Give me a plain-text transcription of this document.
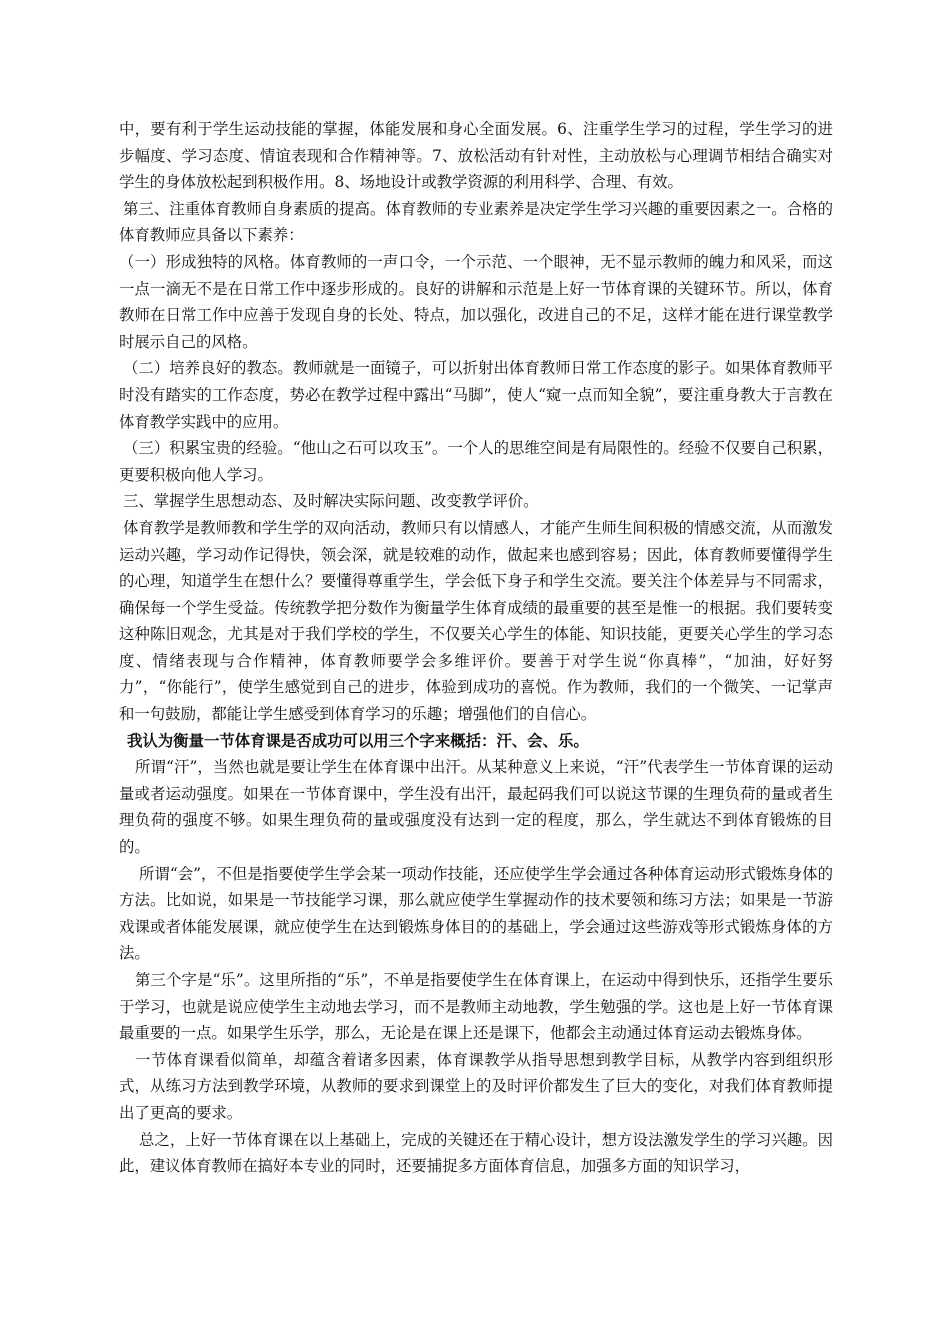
中，要有利于学生运动技能的掌握，体能发展和身心全面发展。6、注重学生学习的过程，学生学习的进步幅度、学习态度、情谊表现和合作精神等。7、放松活动有针对性，主动放松与心理调节相结合确实对学生的身体放松起到积极作用。8、场地设计或教学资源的利用科学、合理、有效。

第三、注重体育教师自身素质的提高。体育教师的专业素养是决定学生学习兴趣的重要因素之一。合格的体育教师应具备以下素养：

（一）形成独特的风格。体育教师的一声口令，一个示范、一个眼神，无不显示教师的魄力和风采，而这一点一滴无不是在日常工作中逐步形成的。良好的讲解和示范是上好一节体育课的关键环节。所以，体育教师在日常工作中应善于发现自身的长处、特点，加以强化，改进自己的不足，这样才能在进行课堂教学时展示自己的风格。

（二）培养良好的教态。教师就是一面镜子，可以折射出体育教师日常工作态度的影子。如果体育教师平时没有踏实的工作态度，势必在教学过程中露出“马脚”，使人“窥一点而知全貌”，要注重身教大于言教在体育教学实践中的应用。

（三）积累宝贵的经验。“他山之石可以攻玉”。一个人的思维空间是有局限性的。经验不仅要自己积累，更要积极向他人学习。

三、掌握学生思想动态、及时解决实际问题、改变教学评价。

体育教学是教师教和学生学的双向活动，教师只有以情感人，才能产生师生间积极的情感交流，从而激发运动兴趣，学习动作记得快，领会深，就是较难的动作，做起来也感到容易；因此，体育教师要懂得学生的心理，知道学生在想什么？要懂得尊重学生，学会低下身子和学生交流。要关注个体差异与不同需求，确保每一个学生受益。传统教学把分数作为衡量学生体育成绩的最重要的甚至是惟一的根据。我们要转变这种陈旧观念，尤其是对于我们学校的学生，不仅要关心学生的体能、知识技能，更要关心学生的学习态度、情绪表现与合作精神，体育教师要学会多维评价。要善于对学生说“你真棒”，“加油，好好努力”，“你能行”，使学生感觉到自己的进步，体验到成功的喜悦。作为教师，我们的一个微笑、一记掌声和一句鼓励，都能让学生感受到体育学习的乐趣；增强他们的自信心。

我认为衡量一节体育课是否成功可以用三个字来概括：汗、会、乐。

所谓“汗”，当然也就是要让学生在体育课中出汗。从某种意义上来说，“汗”代表学生一节体育课的运动量或者运动强度。如果在一节体育课中，学生没有出汗，最起码我们可以说这节课的生理负荷的量或者生理负荷的强度不够。如果生理负荷的量或强度没有达到一定的程度，那么，学生就达不到体育锻炼的目的。

所谓“会”，不但是指要使学生学会某一项动作技能，还应使学生学会通过各种体育运动形式锻炼身体的方法。比如说，如果是一节技能学习课，那么就应使学生掌握动作的技术要领和练习方法；如果是一节游戏课或者体能发展课，就应使学生在达到锻炼身体目的的基础上，学会通过这些游戏等形式锻炼身体的方法。

第三个字是“乐”。这里所指的“乐”，不单是指要使学生在体育课上，在运动中得到快乐，还指学生要乐于学习，也就是说应使学生主动地去学习，而不是教师主动地教，学生勉强的学。这也是上好一节体育课最重要的一点。如果学生乐学，那么，无论是在课上还是课下，他都会主动通过体育运动去锻炼身体。

一节体育课看似简单，却蕴含着诸多因素，体育课教学从指导思想到教学目标，从教学内容到组织形式，从练习方法到教学环境，从教师的要求到课堂上的及时评价都发生了巨大的变化，对我们体育教师提出了更高的要求。

总之，上好一节体育课在以上基础上，完成的关键还在于精心设计，想方设法激发学生的学习兴趣。因此，建议体育教师在搞好本专业的同时，还要捕捉多方面体育信息，加强多方面的知识学习，
